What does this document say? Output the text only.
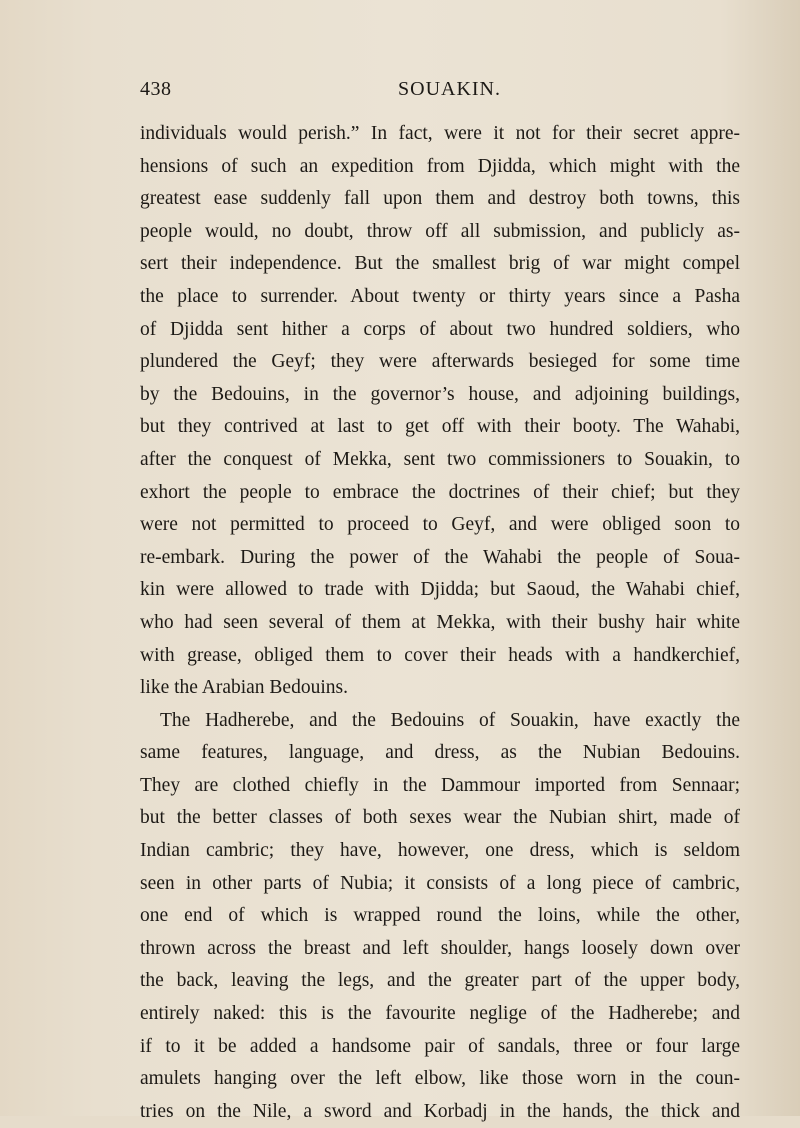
438	SOUAKIN.
individuals would perish.” In fact, were it not for their secret appre-
hensions of such an expedition from Djidda, which might with the
greatest ease suddenly fall upon them and destroy both towns, this
people would, no doubt, throw off all submission, and publicly as-
sert their independence. But the smallest brig of war might compel
the place to surrender. About twenty or thirty years since a Pasha
of Djidda sent hither a corps of about two hundred soldiers, who
plundered the Geyf; they were afterwards besieged for some time
by the Bedouins, in the governor’s house, and adjoining buildings,
but they contrived at last to get off with their booty. The Wahabi,
after the conquest of Mekka, sent two commissioners to Souakin, to
exhort the people to embrace the doctrines of their chief; but they
were not permitted to proceed to Geyf, and were obliged soon to
re-embark. During the power of the Wahabi the people of Soua-
kin were allowed to trade with Djidda; but Saoud, the Wahabi chief,
who had seen several of them at Mekka, with their bushy hair white
with grease, obliged them to cover their heads with a handkerchief,
like the Arabian Bedouins.
The Hadherebe, and the Bedouins of Souakin, have exactly the
same features, language, and dress, as the Nubian Bedouins.
They are clothed chiefly in the Dammour imported from Sennaar;
but the better classes of both sexes wear the Nubian shirt, made of
Indian cambric; they have, however, one dress, which is seldom
seen in other parts of Nubia; it consists of a long piece of cambric,
one end of which is wrapped round the loins, while the other,
thrown across the breast and left shoulder, hangs loosely down over
the back, leaving the legs, and the greater part of the upper body,
entirely naked: this is the favourite neglige of the Hadherebe; and
if to it be added a handsome pair of sandals, three or four large
amulets hanging over the left elbow, like those worn in the coun-
tries on the Nile, a sword and Korbadj in the hands, the thick and
